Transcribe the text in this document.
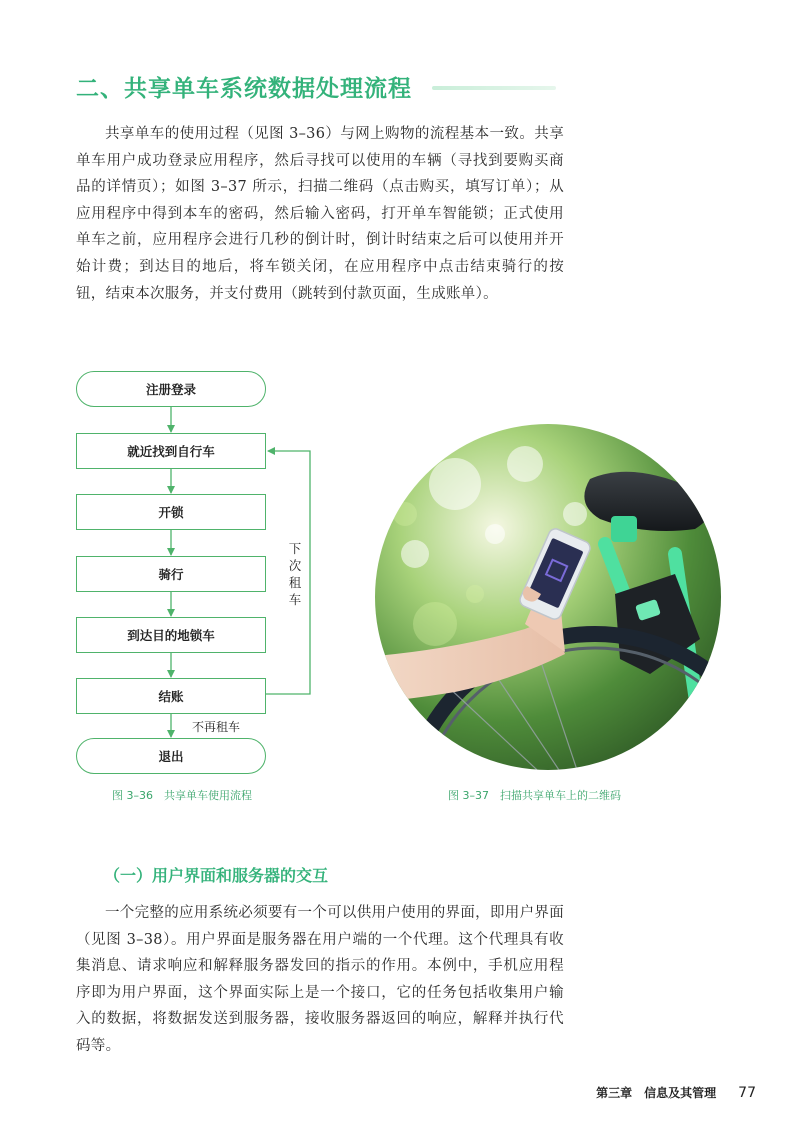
二、共享单车系统数据处理流程
共享单车的使用过程（见图 3–36）与网上购物的流程基本一致。共享单车用户成功登录应用程序，然后寻找可以使用的车辆（寻找到要购买商品的详情页）；如图 3–37 所示，扫描二维码（点击购买，填写订单）；从应用程序中得到本车的密码，然后输入密码，打开单车智能锁；正式使用单车之前，应用程序会进行几秒的倒计时，倒计时结束之后可以使用并开始计费；到达目的地后，将车锁关闭，在应用程序中点击结束骑行的按钮，结束本次服务，并支付费用（跳转到付款页面，生成账单）。
注册登录
就近找到自行车
开锁
骑行
到达目的地锁车
结账
退出
下次租车
不再租车
图 3–36　共享单车使用流程	图 3–37　扫描共享单车上的二维码
（一）用户界面和服务器的交互
一个完整的应用系统必须要有一个可以供用户使用的界面，即用户界面（见图 3–38）。用户界面是服务器在用户端的一个代理。这个代理具有收集消息、请求响应和解释服务器发回的指示的作用。本例中，手机应用程序即为用户界面，这个界面实际上是一个接口，它的任务包括收集用户输入的数据，将数据发送到服务器，接收服务器返回的响应，解释并执行代码等。
第三章　信息及其管理 77
